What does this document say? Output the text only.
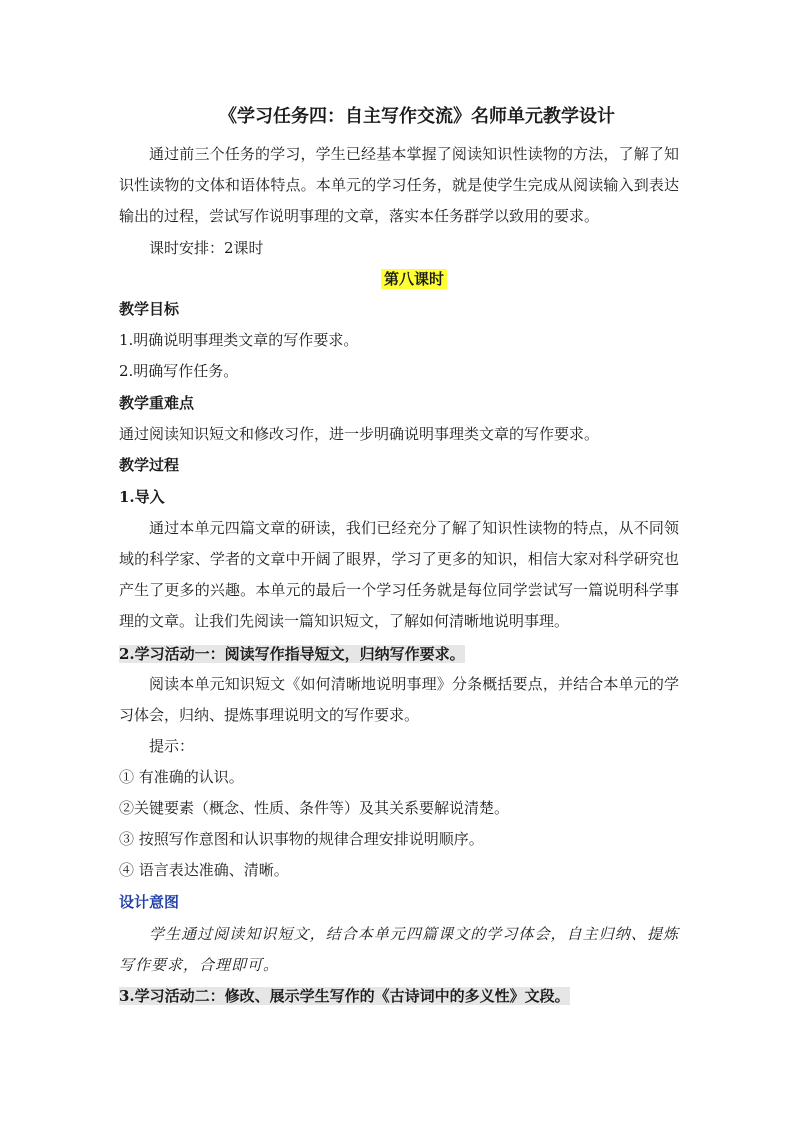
《学习任务四：自主写作交流》名师单元教学设计
通过前三个任务的学习，学生已经基本掌握了阅读知识性读物的方法，了解了知识性读物的文体和语体特点。本单元的学习任务，就是使学生完成从阅读输入到表达输出的过程，尝试写作说明事理的文章，落实本任务群学以致用的要求。
课时安排：2课时
第八课时
教学目标
1.明确说明事理类文章的写作要求。
2.明确写作任务。
教学重难点
通过阅读知识短文和修改习作，进一步明确说明事理类文章的写作要求。
教学过程
1.导入
通过本单元四篇文章的研读，我们已经充分了解了知识性读物的特点，从不同领域的科学家、学者的文章中开阔了眼界，学习了更多的知识，相信大家对科学研究也产生了更多的兴趣。本单元的最后一个学习任务就是每位同学尝试写一篇说明科学事理的文章。让我们先阅读一篇知识短文，了解如何清晰地说明事理。
2.学习活动一：阅读写作指导短文，归纳写作要求。
阅读本单元知识短文《如何清晰地说明事理》分条概括要点，并结合本单元的学习体会，归纳、提炼事理说明文的写作要求。
提示：
① 有准确的认识。
②关键要素（概念、性质、条件等）及其关系要解说清楚。
③ 按照写作意图和认识事物的规律合理安排说明顺序。
④ 语言表达准确、清晰。
设计意图
学生通过阅读知识短文，结合本单元四篇课文的学习体会，自主归纳、提炼写作要求，合理即可。
3.学习活动二：修改、展示学生写作的《古诗词中的多义性》文段。
